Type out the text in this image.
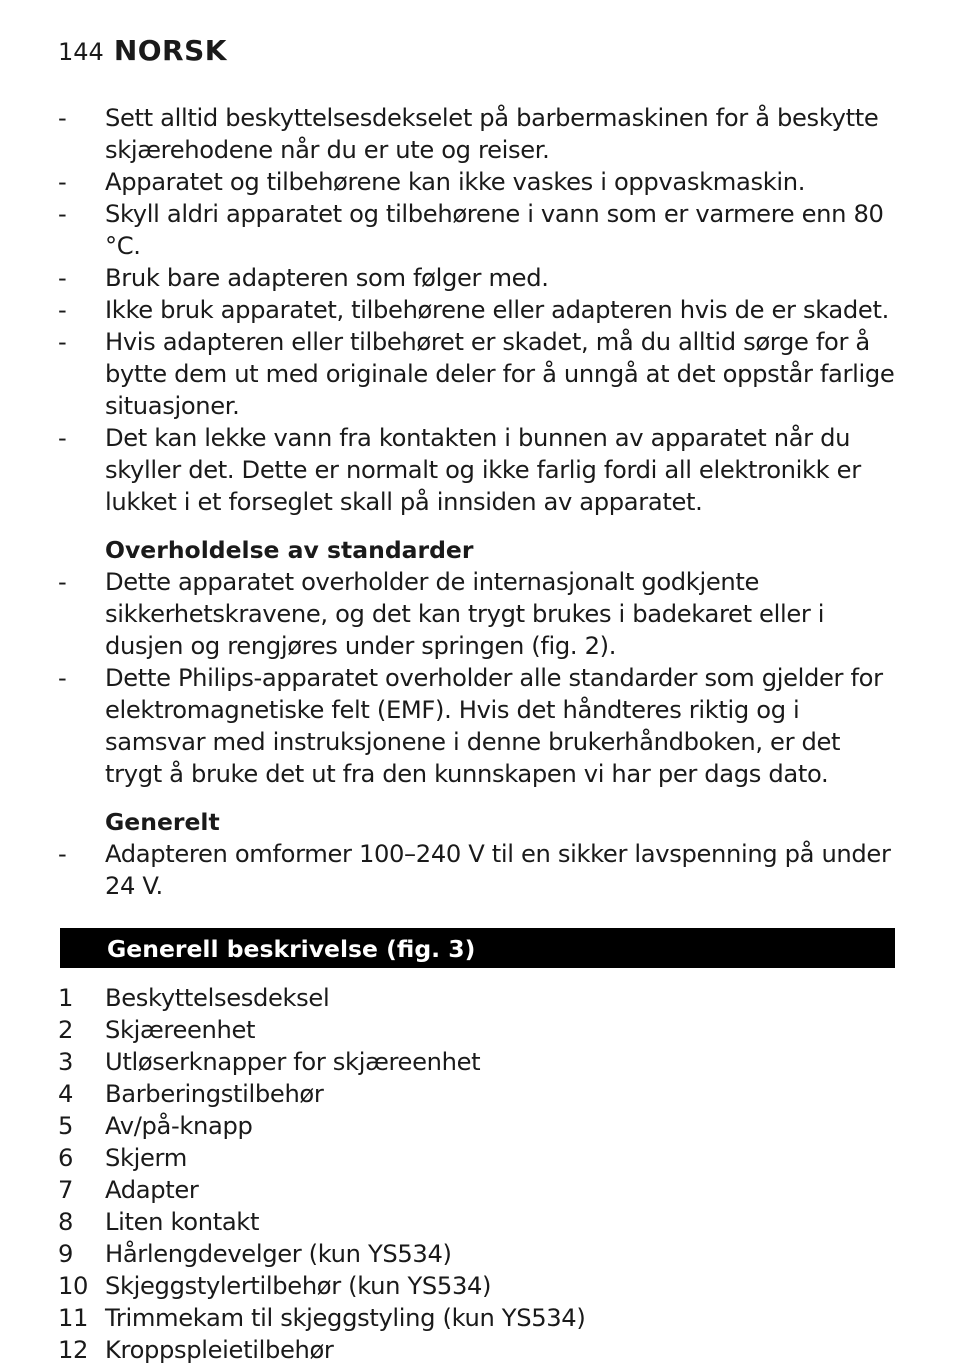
144 NORSK
-	Sett alltid beskyttelsesdekselet på barbermaskinen for å beskytte skjærehodene når du er ute og reiser.
-	Apparatet og tilbehørene kan ikke vaskes i oppvaskmaskin.
-	Skyll aldri apparatet og tilbehørene i vann som er varmere enn 80 °C.
-	Bruk bare adapteren som følger med.
-	Ikke bruk apparatet, tilbehørene eller adapteren hvis de er skadet.
-	Hvis adapteren eller tilbehøret er skadet, må du alltid sørge for å bytte dem ut med originale deler for å unngå at det oppstår farlige situasjoner.
-	Det kan lekke vann fra kontakten i bunnen av apparatet når du skyller det. Dette er normalt og ikke farlig fordi all elektronikk er lukket i et forseglet skall på innsiden av apparatet.
Overholdelse av standarder
-	Dette apparatet overholder de internasjonalt godkjente sikkerhetskravene, og det kan trygt brukes i badekaret eller i dusjen og rengjøres under springen (fig. 2).
-	Dette Philips-apparatet overholder alle standarder som gjelder for elektromagnetiske felt (EMF). Hvis det håndteres riktig og i samsvar med instruksjonene i denne brukerhåndboken, er det trygt å bruke det ut fra den kunnskapen vi har per dags dato.
Generelt
-	Adapteren omformer 100–240 V til en sikker lavspenning på under 24 V.
Generell beskrivelse (fig. 3)
1	Beskyttelsesdeksel
2	Skjæreenhet
3	Utløserknapper for skjæreenhet
4	Barberingstilbehør
5	Av/på-knapp
6	Skjerm
7	Adapter
8	Liten kontakt
9	Hårlengdevelger (kun YS534)
10 Skjeggstylertilbehør (kun YS534)
11 Trimmekam til skjeggstyling (kun YS534)
12 Kroppspleietilbehør
